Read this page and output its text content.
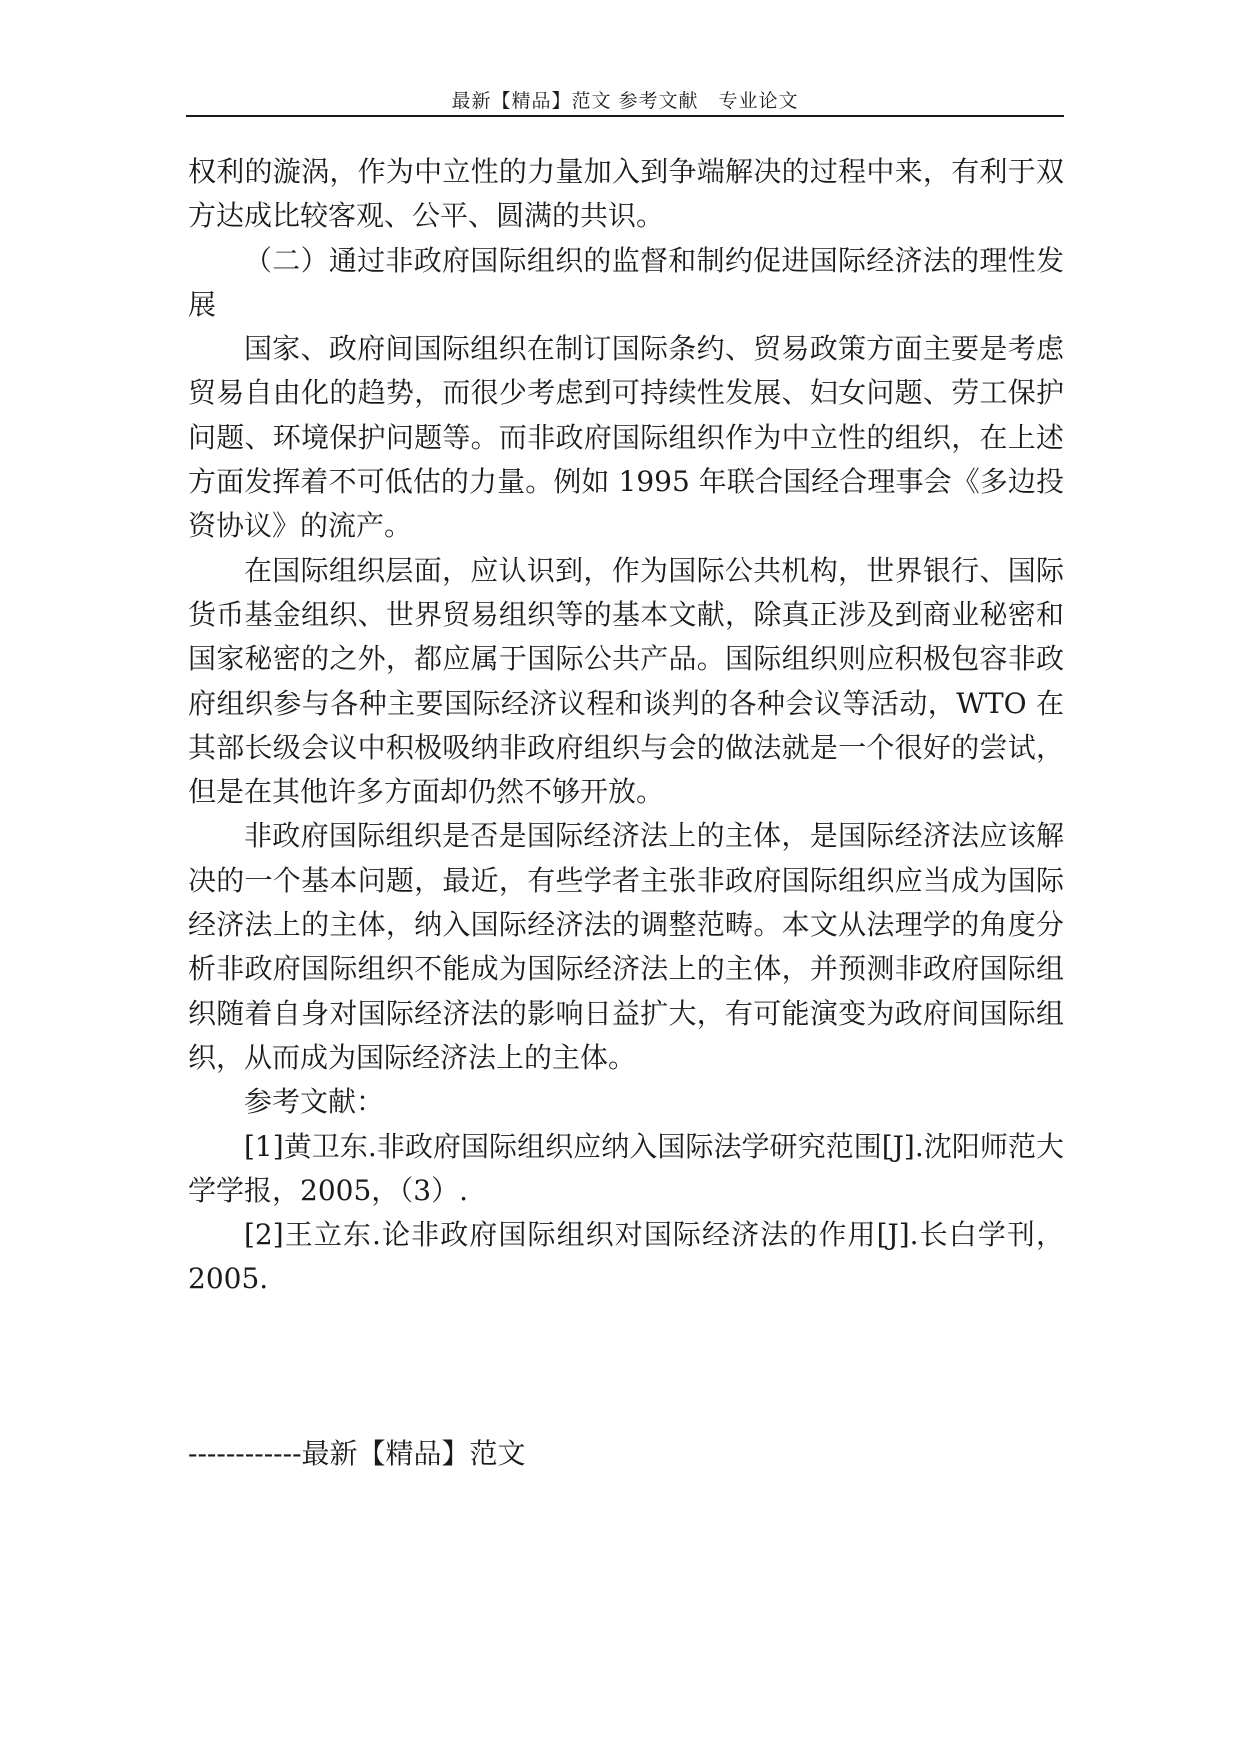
最新【精品】范文 参考文献　专业论文

权利的漩涡，作为中立性的力量加入到争端解决的过程中来，有利于双方达成比较客观、公平、圆满的共识。

（二）通过非政府国际组织的监督和制约促进国际经济法的理性发展

国家、政府间国际组织在制订国际条约、贸易政策方面主要是考虑贸易自由化的趋势，而很少考虑到可持续性发展、妇女问题、劳工保护问题、环境保护问题等。而非政府国际组织作为中立性的组织，在上述方面发挥着不可低估的力量。例如 1995 年联合国经合理事会《多边投资协议》的流产。

在国际组织层面，应认识到，作为国际公共机构，世界银行、国际货币基金组织、世界贸易组织等的基本文献，除真正涉及到商业秘密和国家秘密的之外，都应属于国际公共产品。国际组织则应积极包容非政府组织参与各种主要国际经济议程和谈判的各种会议等活动，WTO 在其部长级会议中积极吸纳非政府组织与会的做法就是一个很好的尝试，但是在其他许多方面却仍然不够开放。

非政府国际组织是否是国际经济法上的主体，是国际经济法应该解决的一个基本问题，最近，有些学者主张非政府国际组织应当成为国际经济法上的主体，纳入国际经济法的调整范畴。本文从法理学的角度分析非政府国际组织不能成为国际经济法上的主体，并预测非政府国际组织随着自身对国际经济法的影响日益扩大，有可能演变为政府间国际组织，从而成为国际经济法上的主体。

参考文献：

[1]黄卫东.非政府国际组织应纳入国际法学研究范围[J].沈阳师范大学学报，2005，（3）.

[2]王立东.论非政府国际组织对国际经济法的作用[J].长白学刊，2005.

------------最新【精品】范文
